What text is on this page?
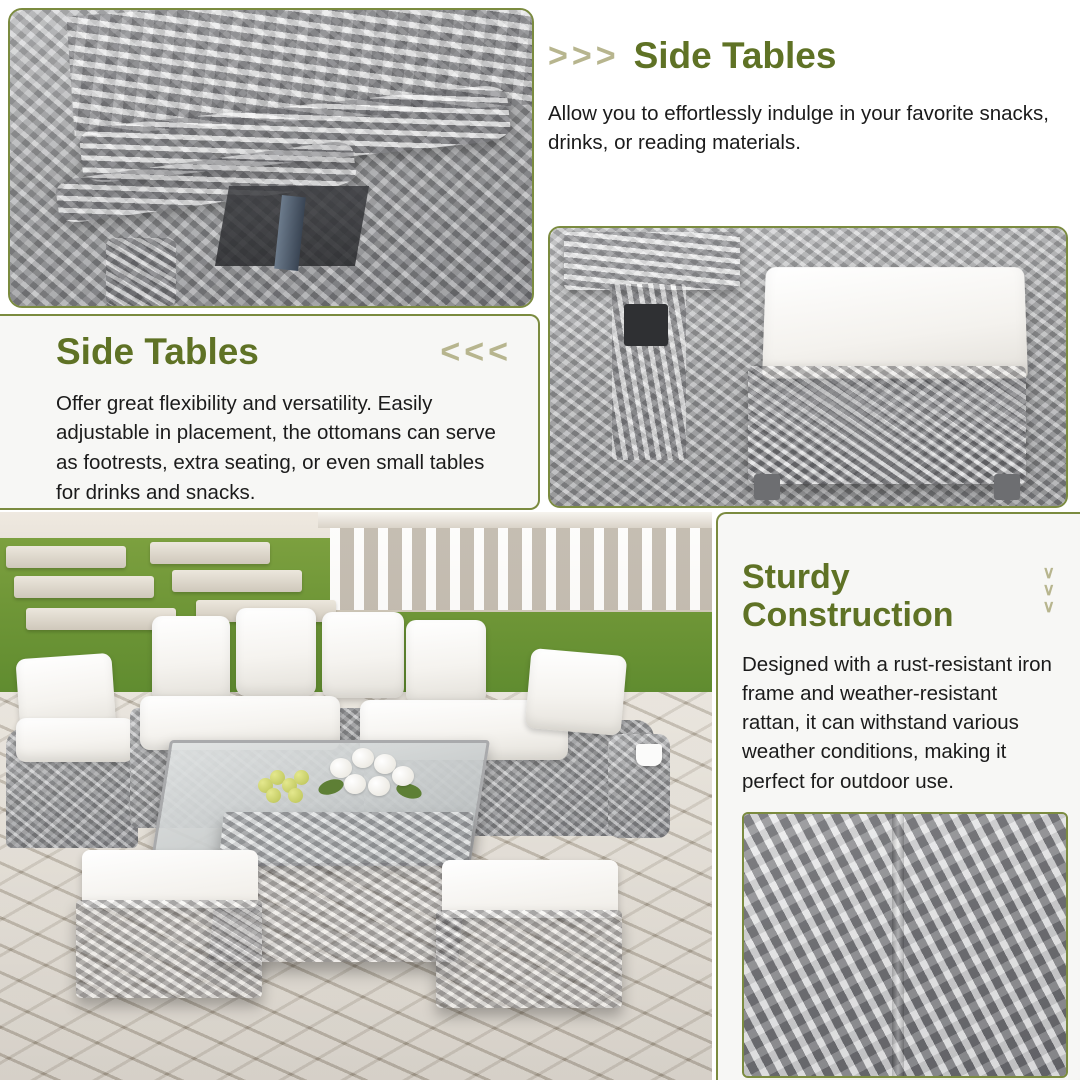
>>> Side Tables

Allow you to effortlessly indulge in your favorite snacks, drinks, or reading materials.

Side Tables	<<<

Offer great flexibility and versatility. Easily adjustable in placement, the ottomans can serve as footrests, extra seating, or even small tables for drinks and snacks.

Sturdy Construction
∨
∨
∨

Designed with a rust-resistant iron frame and weather-resistant rattan, it can withstand various weather conditions, making it perfect for outdoor use.
